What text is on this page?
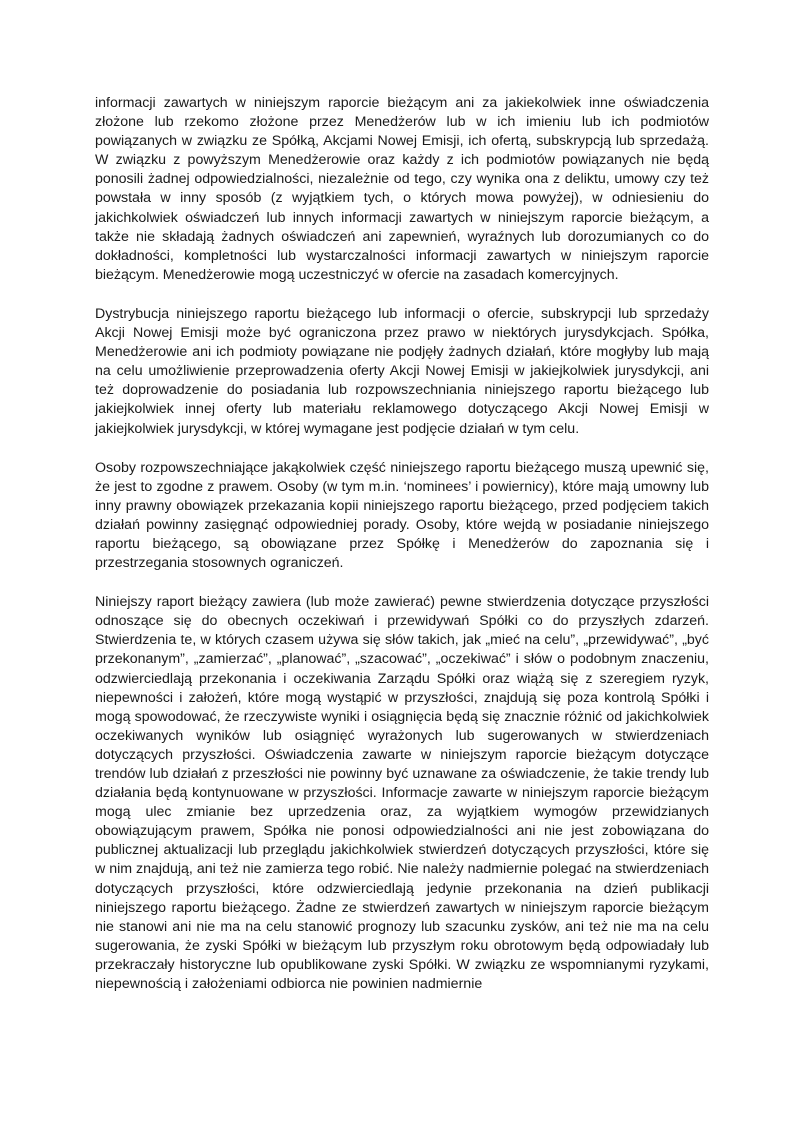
informacji zawartych w niniejszym raporcie bieżącym ani za jakiekolwiek inne oświadczenia złożone lub rzekomo złożone przez Menedżerów lub w ich imieniu lub ich podmiotów powiązanych w związku ze Spółką, Akcjami Nowej Emisji, ich ofertą, subskrypcją lub sprzedażą. W związku z powyższym Menedżerowie oraz każdy z ich podmiotów powiązanych nie będą ponosili żadnej odpowiedzialności, niezależnie od tego, czy wynika ona z deliktu, umowy czy też powstała w inny sposób (z wyjątkiem tych, o których mowa powyżej), w odniesieniu do jakichkolwiek oświadczeń lub innych informacji zawartych w niniejszym raporcie bieżącym, a także nie składają żadnych oświadczeń ani zapewnień, wyraźnych lub dorozumianych co do dokładności, kompletności lub wystarczalności informacji zawartych w niniejszym raporcie bieżącym. Menedżerowie mogą uczestniczyć w ofercie na zasadach komercyjnych.

Dystrybucja niniejszego raportu bieżącego lub informacji o ofercie, subskrypcji lub sprzedaży Akcji Nowej Emisji może być ograniczona przez prawo w niektórych jurysdykcjach. Spółka, Menedżerowie ani ich podmioty powiązane nie podjęły żadnych działań, które mogłyby lub mają na celu umożliwienie przeprowadzenia oferty Akcji Nowej Emisji w jakiejkolwiek jurysdykcji, ani też doprowadzenie do posiadania lub rozpowszechniania niniejszego raportu bieżącego lub jakiejkolwiek innej oferty lub materiału reklamowego dotyczącego Akcji Nowej Emisji w jakiejkolwiek jurysdykcji, w której wymagane jest podjęcie działań w tym celu.

Osoby rozpowszechniające jakąkolwiek część niniejszego raportu bieżącego muszą upewnić się, że jest to zgodne z prawem. Osoby (w tym m.in. ‘nominees’ i powiernicy), które mają umowny lub inny prawny obowiązek przekazania kopii niniejszego raportu bieżącego, przed podjęciem takich działań powinny zasięgnąć odpowiedniej porady. Osoby, które wejdą w posiadanie niniejszego raportu bieżącego, są obowiązane przez Spółkę i Menedżerów do zapoznania się i przestrzegania stosownych ograniczeń.

Niniejszy raport bieżący zawiera (lub może zawierać) pewne stwierdzenia dotyczące przyszłości odnoszące się do obecnych oczekiwań i przewidywań Spółki co do przyszłych zdarzeń. Stwierdzenia te, w których czasem używa się słów takich, jak „mieć na celu”, „przewidywać”, „być przekonanym”, „zamierzać”, „planować”, „szacować”, „oczekiwać” i słów o podobnym znaczeniu, odzwierciedlają przekonania i oczekiwania Zarządu Spółki oraz wiążą się z szeregiem ryzyk, niepewności i założeń, które mogą wystąpić w przyszłości, znajdują się poza kontrolą Spółki i mogą spowodować, że rzeczywiste wyniki i osiągnięcia będą się znacznie różnić od jakichkolwiek oczekiwanych wyników lub osiągnięć wyrażonych lub sugerowanych w stwierdzeniach dotyczących przyszłości. Oświadczenia zawarte w niniejszym raporcie bieżącym dotyczące trendów lub działań z przeszłości nie powinny być uznawane za oświadczenie, że takie trendy lub działania będą kontynuowane w przyszłości. Informacje zawarte w niniejszym raporcie bieżącym mogą ulec zmianie bez uprzedzenia oraz, za wyjątkiem wymogów przewidzianych obowiązującym prawem, Spółka nie ponosi odpowiedzialności ani nie jest zobowiązana do publicznej aktualizacji lub przeglądu jakichkolwiek stwierdzeń dotyczących przyszłości, które się w nim znajdują, ani też nie zamierza tego robić. Nie należy nadmiernie polegać na stwierdzeniach dotyczących przyszłości, które odzwierciedlają jedynie przekonania na dzień publikacji niniejszego raportu bieżącego. Żadne ze stwierdzeń zawartych w niniejszym raporcie bieżącym nie stanowi ani nie ma na celu stanowić prognozy lub szacunku zysków, ani też nie ma na celu sugerowania, że zyski Spółki w bieżącym lub przyszłym roku obrotowym będą odpowiadały lub przekraczały historyczne lub opublikowane zyski Spółki. W związku ze wspomnianymi ryzykami, niepewnością i założeniami odbiorca nie powinien nadmiernie
